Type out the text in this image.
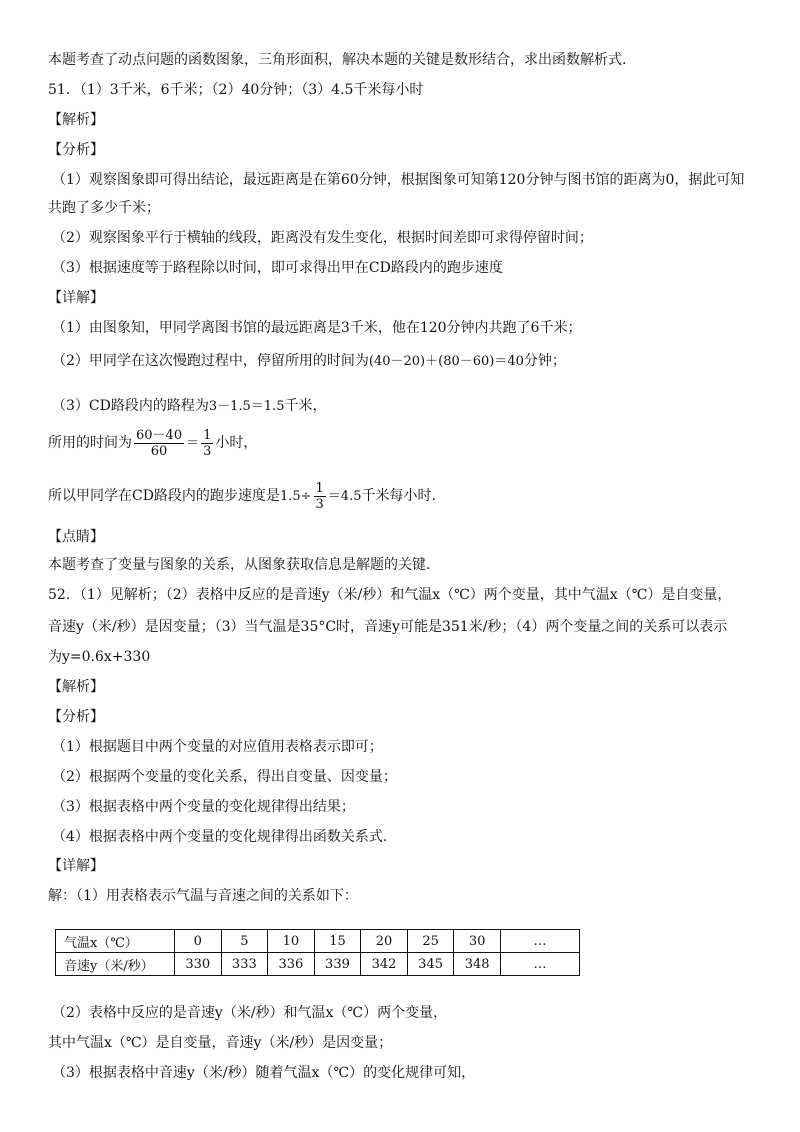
本题考查了动点问题的函数图象，三角形面积，解决本题的关键是数形结合，求出函数解析式.
51．（1）3千米，6千米；（2）40分钟；（3）4.5千米每小时
【解析】
【分析】
（1）观察图象即可得出结论，最远距离是在第60分钟，根据图象可知第120分钟与图书馆的距离为0，据此可知
共跑了多少千米；
（2）观察图象平行于横轴的线段，距离没有发生变化，根据时间差即可求得停留时间；
（3）根据速度等于路程除以时间，即可求得出甲在CD路段内的跑步速度
【详解】
（1）由图象知，甲同学离图书馆的最远距离是3千米，他在120分钟内共跑了6千米；
（2）甲同学在这次慢跑过程中，停留所用的时间为(40－20)＋(80－60)＝40分钟；
（3）CD路段内的路程为3－1.5＝1.5千米，
所用的时间为 $\frac{60-40}{60} = \frac{1}{3}$ 小时，
所以甲同学在CD路段内的跑步速度是$1.5\div \frac{1}{3} =4.5$千米每小时.
【点睛】
本题考查了变量与图象的关系，从图象获取信息是解题的关键.
52．（1）见解析；（2）表格中反应的是音速y（米/秒）和气温x（℃）两个变量，其中气温x（℃）是自变量，
音速y（米/秒）是因变量；（3）当气温是35°C时，音速y可能是351米/秒；（4）两个变量之间的关系可以表示
为y=0.6x+330
【解析】
【分析】
（1）根据题目中两个变量的对应值用表格表示即可；
（2）根据两个变量的变化关系，得出自变量、因变量；
（3）根据表格中两个变量的变化规律得出结果；
（4）根据表格中两个变量的变化规律得出函数关系式.
【详解】
解：（1）用表格表示气温与音速之间的关系如下：
气温x（℃）	0	5	10	15	20	25	30	…
音速y（米/秒）	330	333	336	339	342	345	348	…
（2）表格中反应的是音速y（米/秒）和气温x（℃）两个变量，
其中气温x（℃）是自变量，音速y（米/秒）是因变量；
（3）根据表格中音速y（米/秒）随着气温x（℃）的变化规律可知，
